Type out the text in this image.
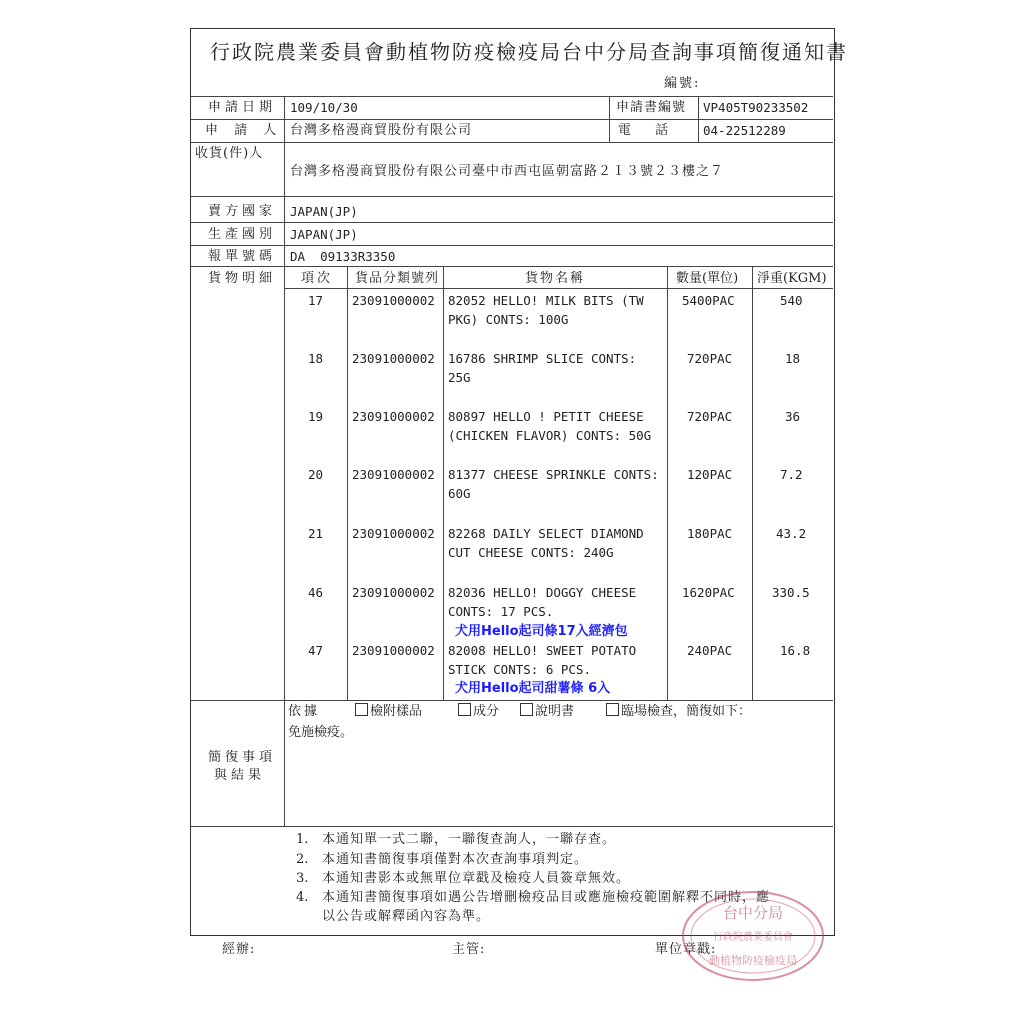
行政院農業委員會動植物防疫檢疫局台中分局查詢事項簡復通知書
編號:
申請日期 109/10/30	申請書編號 VP405T90233502
申 請 人 台灣多格漫商貿股份有限公司	電 話 04-22512289
收貨(件)人
台灣多格漫商貿股份有限公司臺中市西屯區朝富路２１３號２３樓之７
賣方國家 JAPAN(JP)
生產國別 JAPAN(JP)
報單號碼 DA  09133R3350
貨物明細 項次 貨品分類號列	貨物名稱	數量(單位) 淨重(KGM)
17 23091000002 82052 HELLO! MILK BITS (TW
PKG) CONTS: 100G
5400PAC	540
18 23091000002 16786 SHRIMP SLICE CONTS:
25G
720PAC	18
19 23091000002 80897 HELLO ! PETIT CHEESE
(CHICKEN FLAVOR) CONTS: 50G
720PAC	36
20 23091000002 81377 CHEESE SPRINKLE CONTS:
60G
120PAC	7.2
21 23091000002 82268 DAILY SELECT DIAMOND
CUT CHEESE CONTS: 240G
180PAC	43.2
46 23091000002 82036 HELLO! DOGGY CHEESE
CONTS: 17 PCS.
犬用Hello起司條17入經濟包
1620PAC	330.5
47 23091000002 82008 HELLO! SWEET POTATO
STICK CONTS: 6 PCS.
犬用Hello起司甜薯條 6入
240PAC	16.8
簡復事項
與結果
依據	檢附樣品	成分	說明書	臨場檢查，簡復如下：
免施檢疫。
1. 本通知單一式二聯，一聯復查詢人，一聯存查。
2. 本通知書簡復事項僅對本次查詢事項判定。
3. 本通知書影本或無單位章戳及檢疫人員簽章無效。
4. 本通知書簡復事項如遇公告增刪檢疫品目或應施檢疫範圍解釋不同時，應
以公告或解釋函內容為準。
經辦:	主管:	單位章戳:
台中分局
行政院農業委員會
動植物防疫檢疫局
